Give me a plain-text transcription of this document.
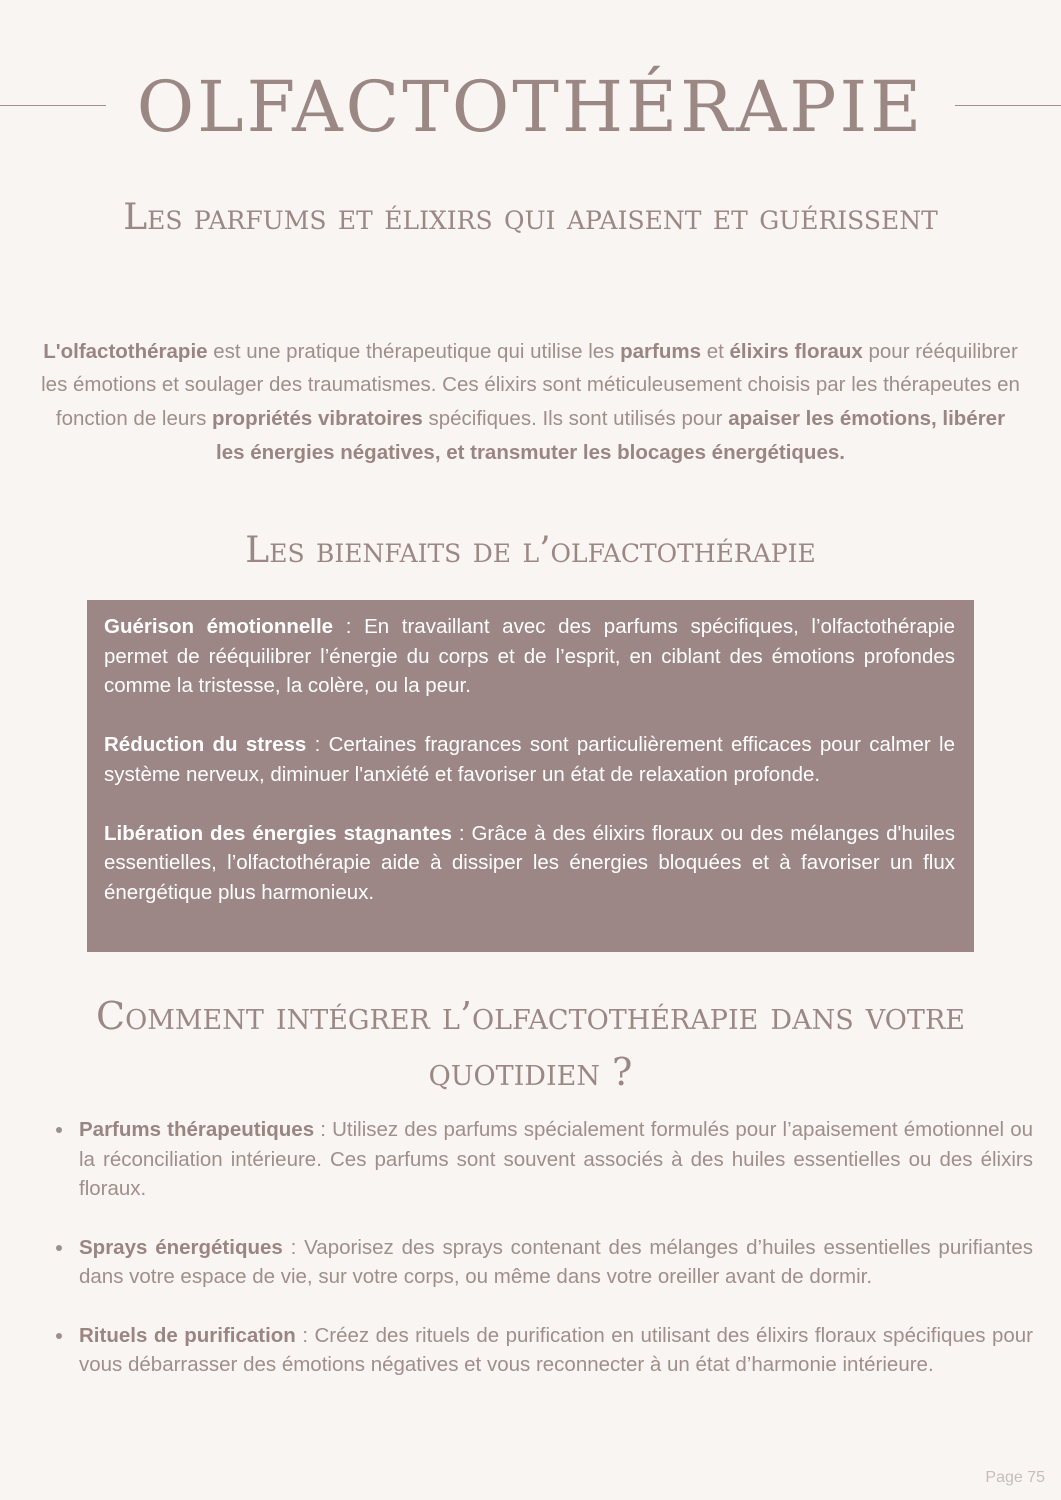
OLFACTOTHÉRAPIE
Les parfums et élixirs qui apaisent et guérissent

L'olfactothérapie est une pratique thérapeutique qui utilise les parfums et élixirs floraux pour rééquilibrer les émotions et soulager des traumatismes. Ces élixirs sont méticuleusement choisis par les thérapeutes en fonction de leurs propriétés vibratoires spécifiques. Ils sont utilisés pour apaiser les émotions, libérer les énergies négatives, et transmuter les blocages énergétiques.

Les bienfaits de l’olfactothérapie

Guérison émotionnelle : En travaillant avec des parfums spécifiques, l’olfactothérapie permet de rééquilibrer l’énergie du corps et de l’esprit, en ciblant des émotions profondes comme la tristesse, la colère, ou la peur.

Réduction du stress : Certaines fragrances sont particulièrement efficaces pour calmer le système nerveux, diminuer l'anxiété et favoriser un état de relaxation profonde.

Libération des énergies stagnantes : Grâce à des élixirs floraux ou des mélanges d'huiles essentielles, l’olfactothérapie aide à dissiper les énergies bloquées et à favoriser un flux énergétique plus harmonieux.

Comment intégrer l’olfactothérapie dans votre quotidien ?
Parfums thérapeutiques : Utilisez des parfums spécialement formulés pour l’apaisement émotionnel ou la réconciliation intérieure. Ces parfums sont souvent associés à des huiles essentielles ou des élixirs floraux.
Sprays énergétiques : Vaporisez des sprays contenant des mélanges d’huiles essentielles purifiantes dans votre espace de vie, sur votre corps, ou même dans votre oreiller avant de dormir.
Rituels de purification : Créez des rituels de purification en utilisant des élixirs floraux spécifiques pour vous débarrasser des émotions négatives et vous reconnecter à un état d’harmonie intérieure.
Page 75
